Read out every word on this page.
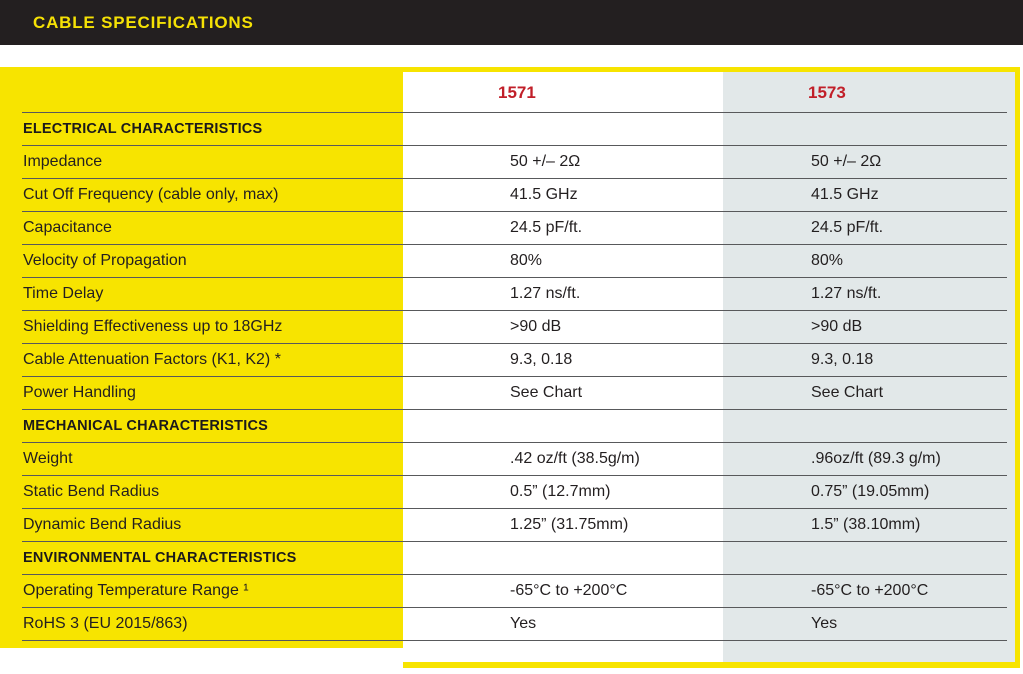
CABLE SPECIFICATIONS
1571	1573
ELECTRICAL CHARACTERISTICS
Impedance	50 +/– 2Ω	50 +/– 2Ω
Cut Off Frequency (cable only, max)	41.5 GHz	41.5 GHz
Capacitance	24.5 pF/ft.	24.5 pF/ft.
Velocity of Propagation	80%	80%
Time Delay	1.27 ns/ft.	1.27 ns/ft.
Shielding Effectiveness up to 18GHz	>90 dB	>90 dB
Cable Attenuation Factors (K1, K2) *	9.3, 0.18	9.3, 0.18
Power Handling	See Chart	See Chart
MECHANICAL CHARACTERISTICS
Weight	.42 oz/ft (38.5g/m)	.96oz/ft (89.3 g/m)
Static Bend Radius	0.5” (12.7mm)	0.75” (19.05mm)
Dynamic Bend Radius	1.25” (31.75mm)	1.5” (38.10mm)
ENVIRONMENTAL CHARACTERISTICS
Operating Temperature Range ¹	-65°C to +200°C	-65°C to +200°C
RoHS 3 (EU 2015/863)	Yes	Yes
